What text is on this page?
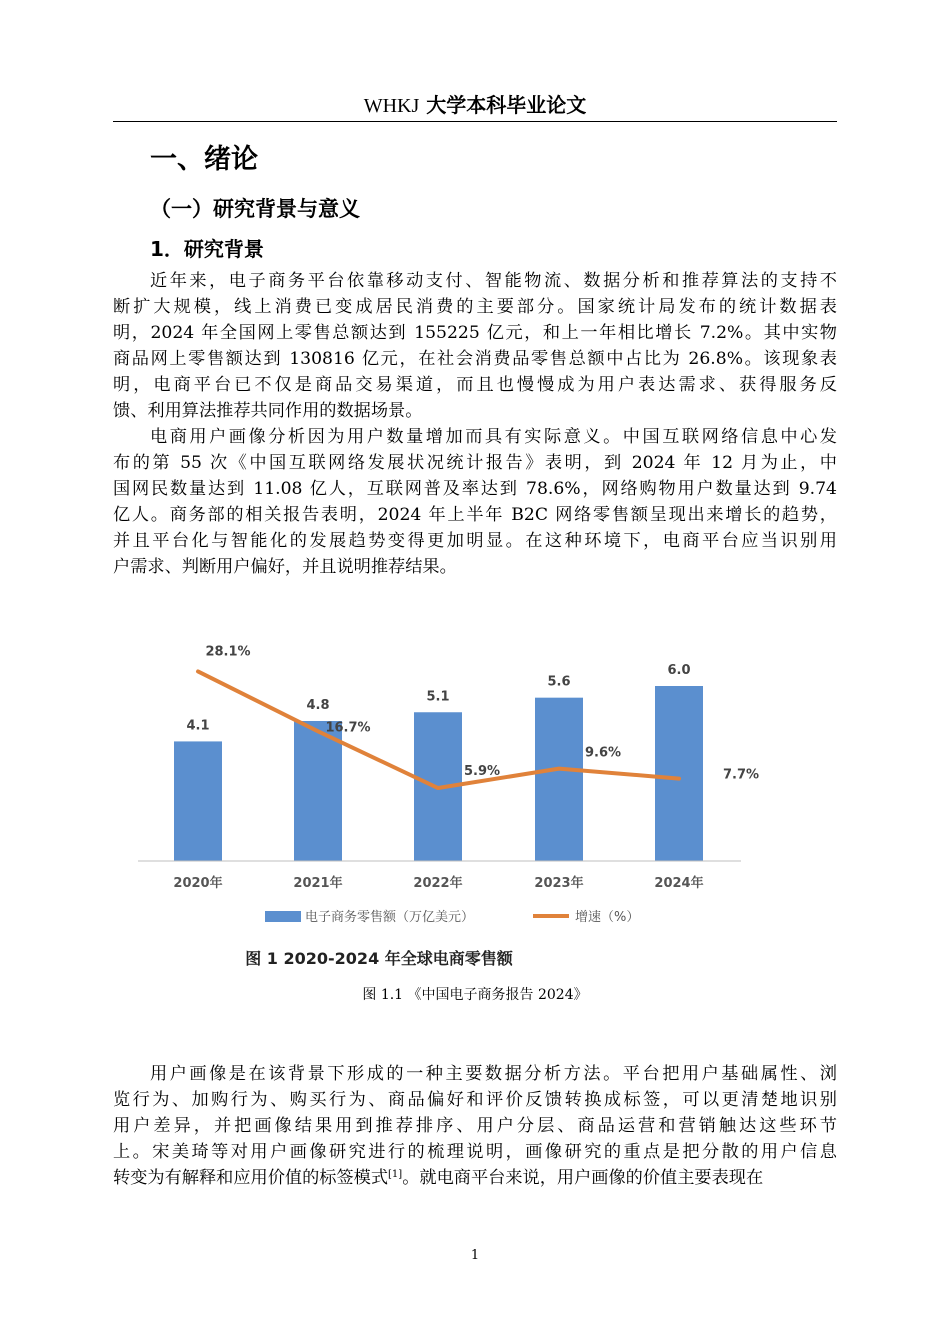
WHKJ 大学本科毕业论文
一、绪论
（一）研究背景与意义
1．研究背景
近年来，电子商务平台依靠移动支付、智能物流、数据分析和推荐算法的支持不
断扩大规模，线上消费已变成居民消费的主要部分。国家统计局发布的统计数据表
明，2024 年全国网上零售总额达到 155225 亿元，和上一年相比增长 7.2%。其中实物
商品网上零售额达到 130816 亿元，在社会消费品零售总额中占比为 26.8%。该现象表
明，电商平台已不仅是商品交易渠道，而且也慢慢成为用户表达需求、获得服务反
馈、利用算法推荐共同作用的数据场景。
电商用户画像分析因为用户数量增加而具有实际意义。中国互联网络信息中心发
布的第 55 次《中国互联网络发展状况统计报告》表明，到 2024 年 12 月为止，中
国网民数量达到 11.08 亿人，互联网普及率达到 78.6%，网络购物用户数量达到 9.74
亿人。商务部的相关报告表明，2024 年上半年 B2C 网络零售额呈现出来增长的趋势，
并且平台化与智能化的发展趋势变得更加明显。在这种环境下，电商平台应当识别用
户需求、判断用户偏好，并且说明推荐结果。
4.1
4.8
5.1
5.6
6.0
28.1%
16.7%
5.9%
9.6%
7.7%
2020年	2021年	2022年	2023年	2024年
电子商务零售额（万亿美元）	增速（%）
图 1 2020-2024 年全球电商零售额
图 1.1 《中国电子商务报告 2024》
用户画像是在该背景下形成的一种主要数据分析方法。平台把用户基础属性、浏
览行为、加购行为、购买行为、商品偏好和评价反馈转换成标签，可以更清楚地识别
用户差异，并把画像结果用到推荐排序、用户分层、商品运营和营销触达这些环节
上。宋美琦等对用户画像研究进行的梳理说明，画像研究的重点是把分散的用户信息
转变为有解释和应用价值的标签模式[1]。就电商平台来说，用户画像的价值主要表现在
1
